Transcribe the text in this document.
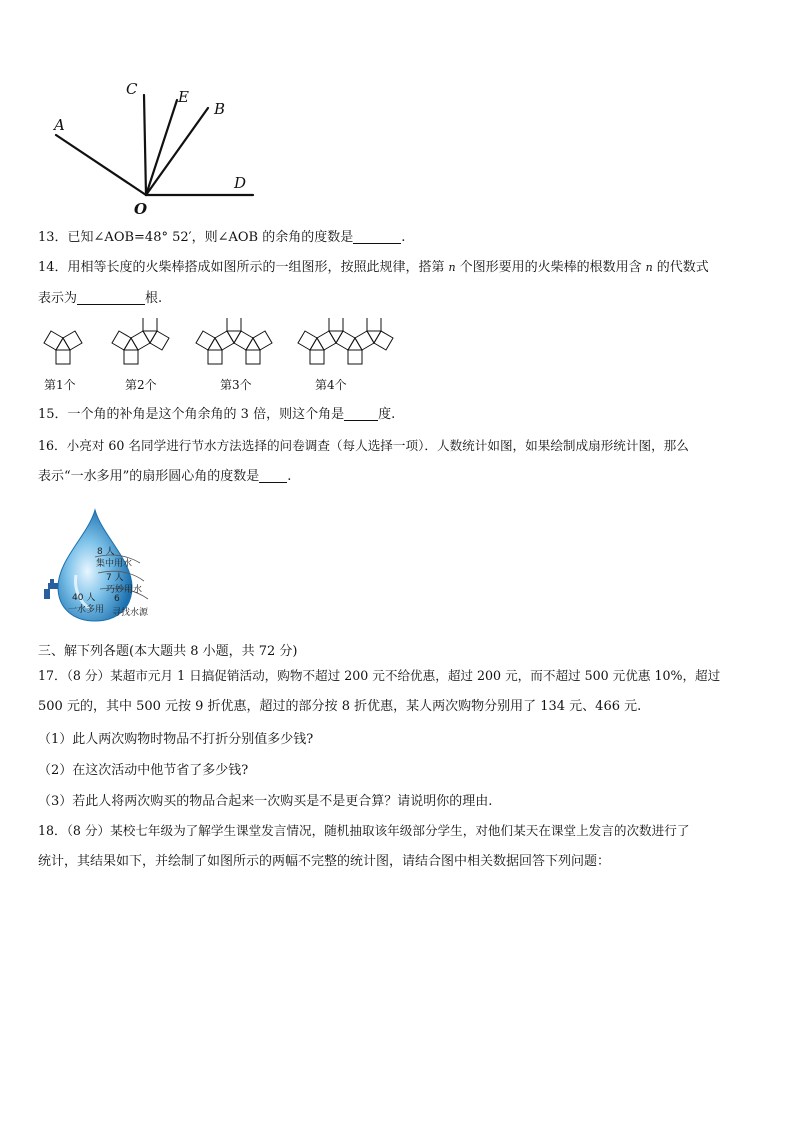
A
C	E
B
D
O
13．已知∠AOB=48° 52′，则∠AOB 的余角的度数是	.
14．用相等长度的火柴棒搭成如图所示的一组图形，按照此规律，搭第 n 个图形要用的火柴棒的根数用含 n 的代数式
表示为	根.
第1个	第2个	第3个	第4个
15．一个角的补角是这个角余角的 3 倍，则这个角是	度.
16．小亮对 60 名同学进行节水方法选择的问卷调查（每人选择一项）．人数统计如图，如果绘制成扇形统计图，那么
表示“一水多用”的扇形圆心角的度数是 .
8 人
集中用水
7 人
巧妙用水
40 人
一水多用
6
寻找水源
三、解下列各题(本大题共 8 小题，共 72 分)
17．（8 分）某超市元月 1 日搞促销活动，购物不超过 200 元不给优惠，超过 200 元，而不超过 500 元优惠 10%，超过
500 元的，其中 500 元按 9 折优惠，超过的部分按 8 折优惠，某人两次购物分别用了 134 元、466 元.
（1）此人两次购物时物品不打折分别值多少钱?
（2）在这次活动中他节省了多少钱?
（3）若此人将两次购买的物品合起来一次购买是不是更合算？请说明你的理由.
18．（8 分）某校七年级为了解学生课堂发言情况，随机抽取该年级部分学生，对他们某天在课堂上发言的次数进行了
统计，其结果如下，并绘制了如图所示的两幅不完整的统计图，请结合图中相关数据回答下列问题：
